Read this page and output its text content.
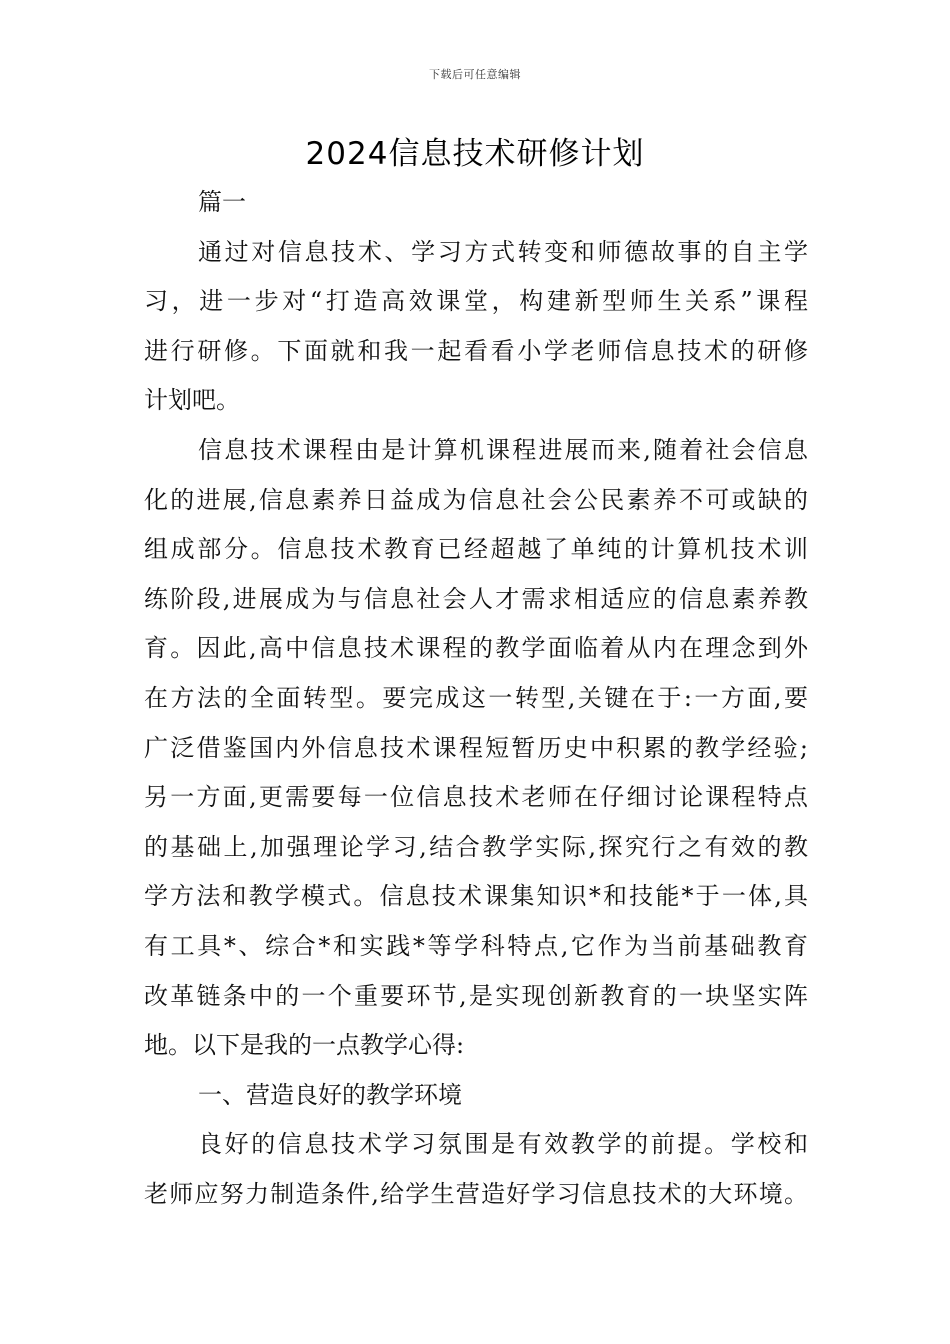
下载后可任意编辑
2024信息技术研修计划
篇一
通过对信息技术、学习方式转变和师德故事的自主学
习，进一步对“打造高效课堂，构建新型师生关系”课程
进行研修。下面就和我一起看看小学老师信息技术的研修
计划吧。
信息技术课程由是计算机课程进展而来,随着社会信息
化的进展,信息素养日益成为信息社会公民素养不可或缺的
组成部分。信息技术教育已经超越了单纯的计算机技术训
练阶段,进展成为与信息社会人才需求相适应的信息素养教
育。因此,高中信息技术课程的教学面临着从内在理念到外
在方法的全面转型。要完成这一转型,关键在于:一方面,要
广泛借鉴国内外信息技术课程短暂历史中积累的教学经验;
另一方面,更需要每一位信息技术老师在仔细讨论课程特点
的基础上,加强理论学习,结合教学实际,探究行之有效的教
学方法和教学模式。信息技术课集知识*和技能*于一体,具
有工具*、综合*和实践*等学科特点,它作为当前基础教育
改革链条中的一个重要环节,是实现创新教育的一块坚实阵
地。以下是我的一点教学心得:
一、营造良好的教学环境
良好的信息技术学习氛围是有效教学的前提。学校和
老师应努力制造条件,给学生营造好学习信息技术的大环境。
